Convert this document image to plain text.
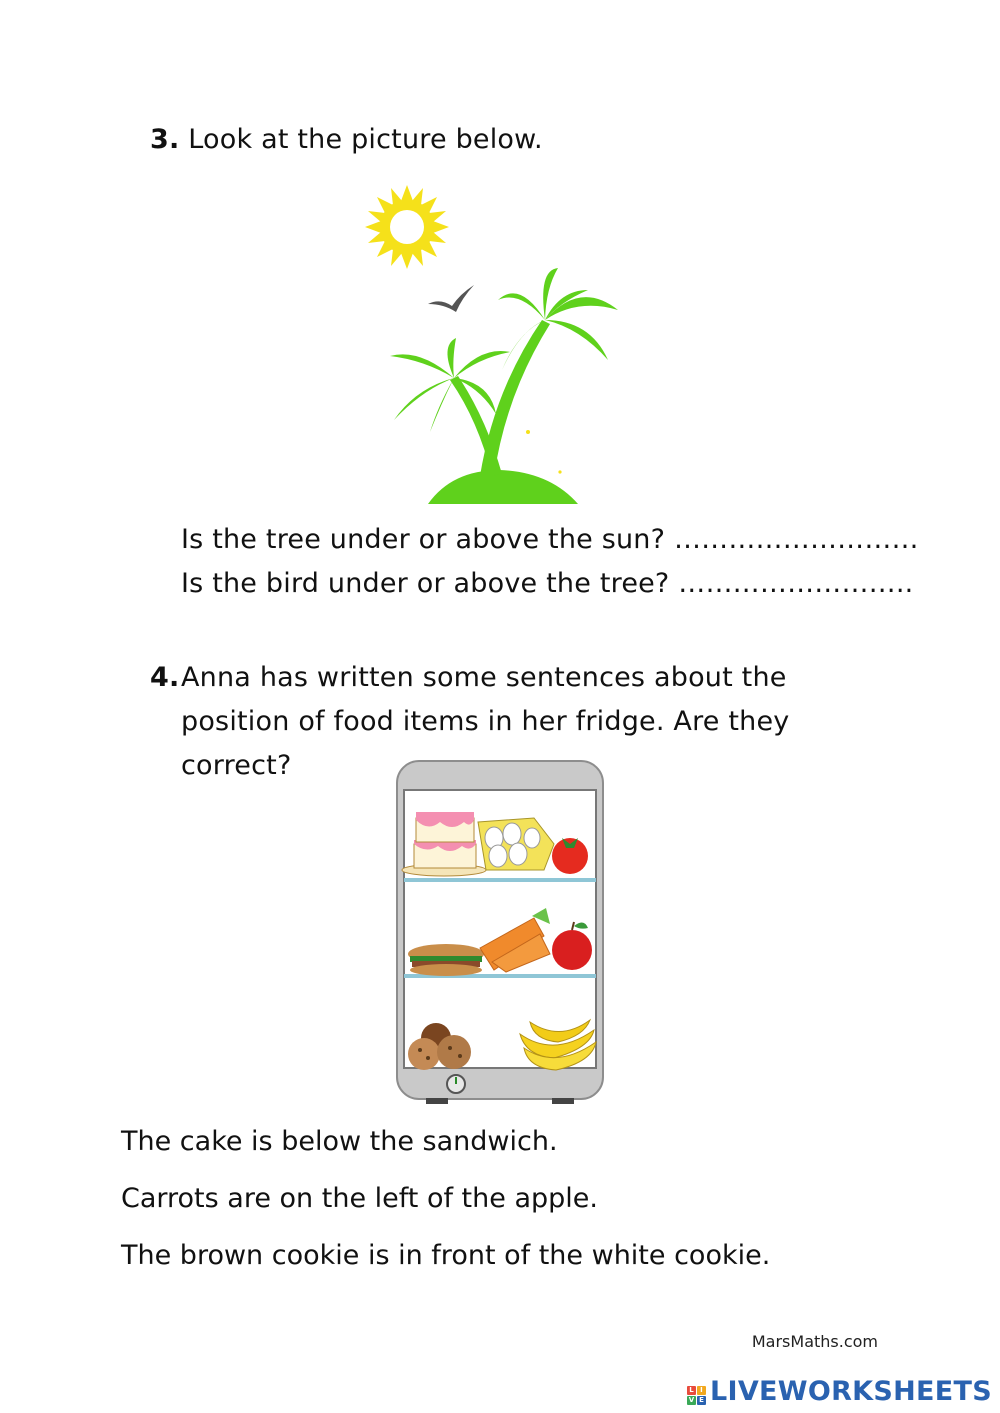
3. Look at the picture below.
Is the tree under or above the sun? ………………………
Is the bird under or above the tree? ……………………..
4. Anna has written some sentences about the
position of food items in her fridge. Are they
correct?
The cake is below the sandwich.
Carrots are on the left of the apple.
The brown cookie is in front of the white cookie.
MarsMaths.com
L I
V E LIVEWORKSHEETS
